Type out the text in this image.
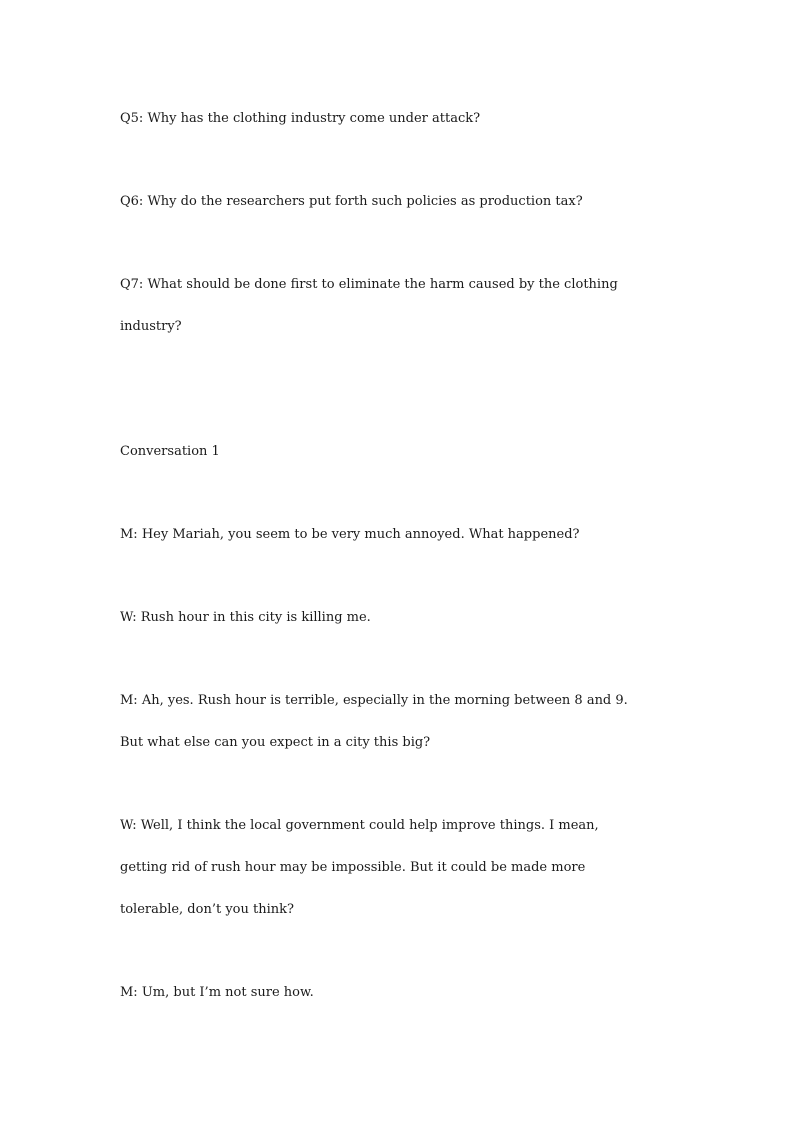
Q5: Why has the clothing industry come under attack?

Q6: Why do the researchers put forth such policies as production tax?

Q7: What should be done first to eliminate the harm caused by the clothing

industry?

Conversation 1

M: Hey Mariah, you seem to be very much annoyed. What happened?

W: Rush hour in this city is killing me.

M: Ah, yes. Rush hour is terrible, especially in the morning between 8 and 9.

But what else can you expect in a city this big?

W: Well, I think the local government could help improve things. I mean,

getting rid of rush hour may be impossible. But it could be made more

tolerable, don’t you think?

M: Um, but I’m not sure how.
